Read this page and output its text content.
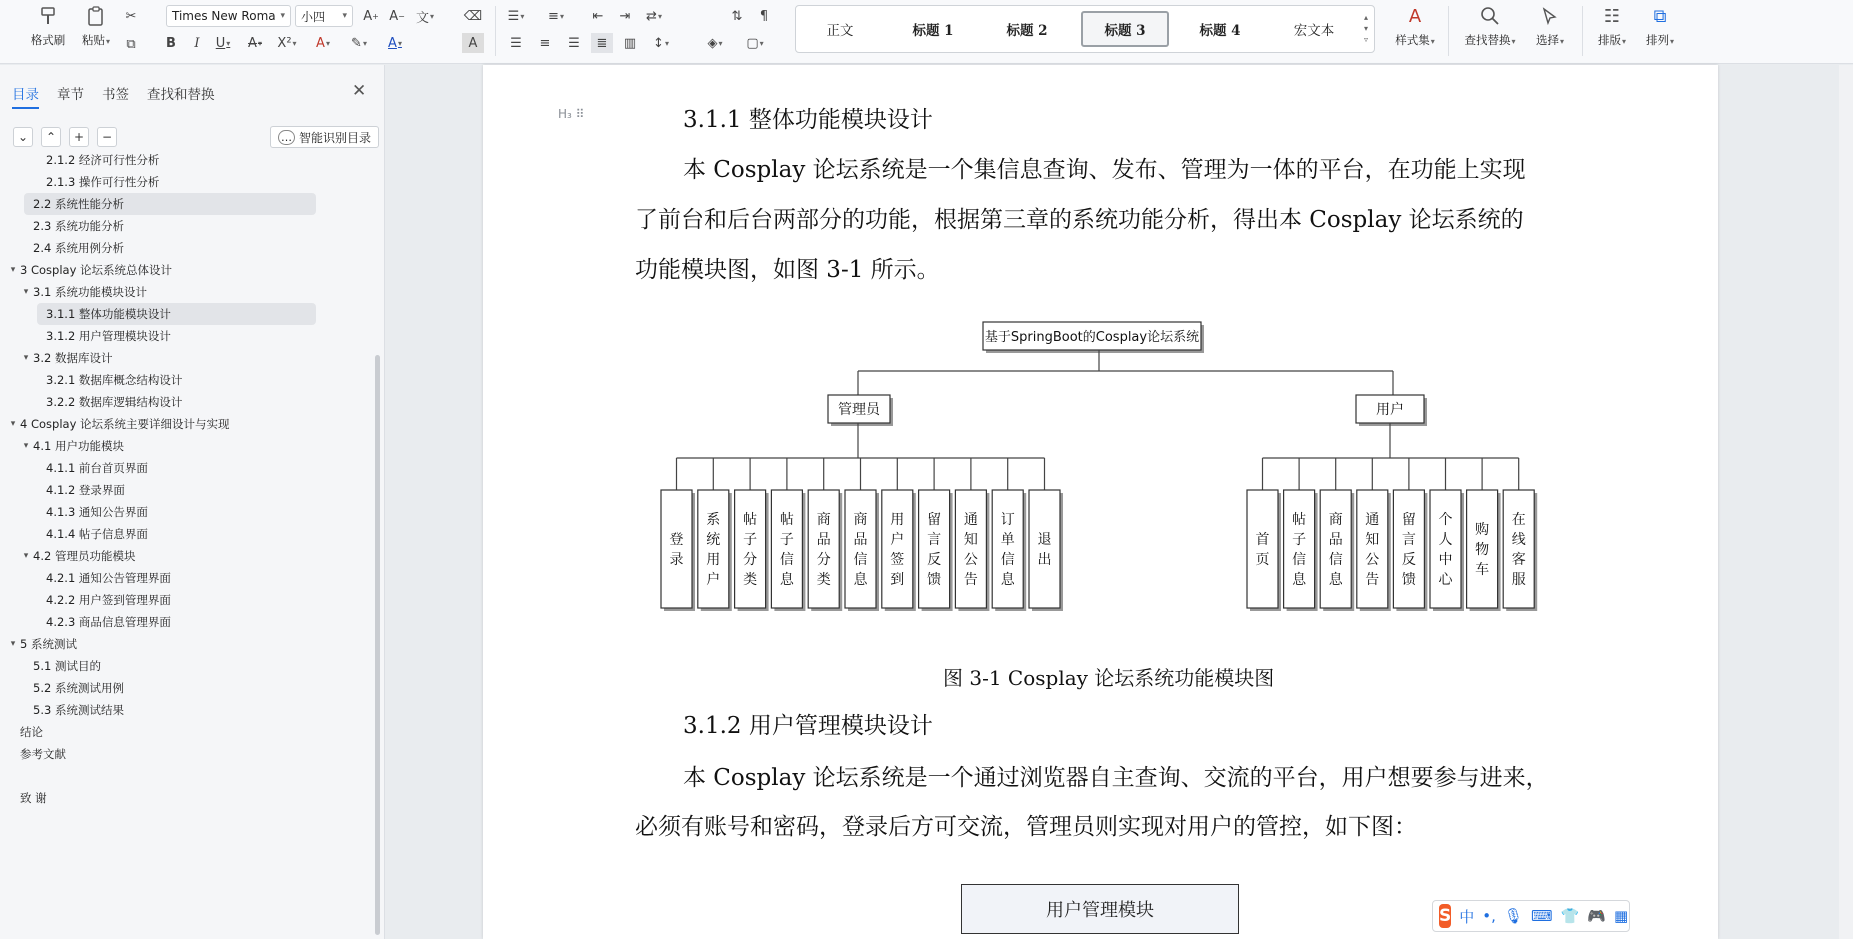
格式刷 粘贴▾
✂
⧉
Times New Roma ▾ 小四 ▾ A + A − 文 ▾ ⌫
B	I	U ▾	A ▾ X² ▾	A ▾ ✎ ▾	A ▾	A
☰ ▾ ≡ ▾	⇤	⇥	⇄ ▾	⇅	¶
☰	≡	☰	≣	▥	↕ ▾	◈ ▾ ▢ ▾
正文	标题 1	标题 2	标题 3	标题 4	宏文本
▴
▾
▿
A
样式集▾	查找替换▾ 选择▾
☷
排版▾
⧉
排列▾
目录 章节 书签 查找和替换	✕
⌄ ⌃ + −	… 智能识别目录
2.1.2 经济可行性分析
2.1.3 操作可行性分析
2.2 系统性能分析
2.3 系统功能分析
2.4 系统用例分析
▾ 3 Cosplay 论坛系统总体设计
▾ 3.1 系统功能模块设计
3.1.1 整体功能模块设计
3.1.2 用户管理模块设计
▾ 3.2 数据库设计
3.2.1 数据库概念结构设计
3.2.2 数据库逻辑结构设计
▾ 4 Cosplay 论坛系统主要详细设计与实现
▾ 4.1 用户功能模块
4.1.1 前台首页界面
4.1.2 登录界面
4.1.3 通知公告界面
4.1.4 帖子信息界面
▾ 4.2 管理员功能模块
4.2.1 通知公告管理界面
4.2.2 用户签到管理界面
4.2.3 商品信息管理界面
▾ 5 系统测试
5.1 测试目的
5.2 系统测试用例
5.3 系统测试结果
结论
参考文献
致 谢
H₃ ⠿	3.1.1 整体功能模块设计
本 Cosplay 论坛系统是一个集信息查询、发布、管理为一体的平台，在功能上实现
了前台和后台两部分的功能，根据第三章的系统功能分析，得出本 Cosplay 论坛系统的
功能模块图，如图 3-1 所示。
基于SpringBoot的Cosplay论坛系统
管理员	用户
登
录
系
统
用
户
帖
子
分
类
帖
子
信
息
商
品
分
类
商
品
信
息
用
户
签
到
留
言
反
馈
通
知
公
告
订
单
信
息
退
出
首
页
帖
子
信
息
商
品
信
息
通
知
公
告
留
言
反
馈
个
人
中
心
购
物
车
在
线
客
服
图 3-1 Cosplay 论坛系统功能模块图
3.1.2 用户管理模块设计
本 Cosplay 论坛系统是一个通过浏览器自主查询、交流的平台，用户想要参与进来，
必须有账号和密码，登录后方可交流，管理员则实现对用户的管控，如下图：
用户管理模块	S 中 •, 🎙 ⌨ 👕 🎮 ▦
